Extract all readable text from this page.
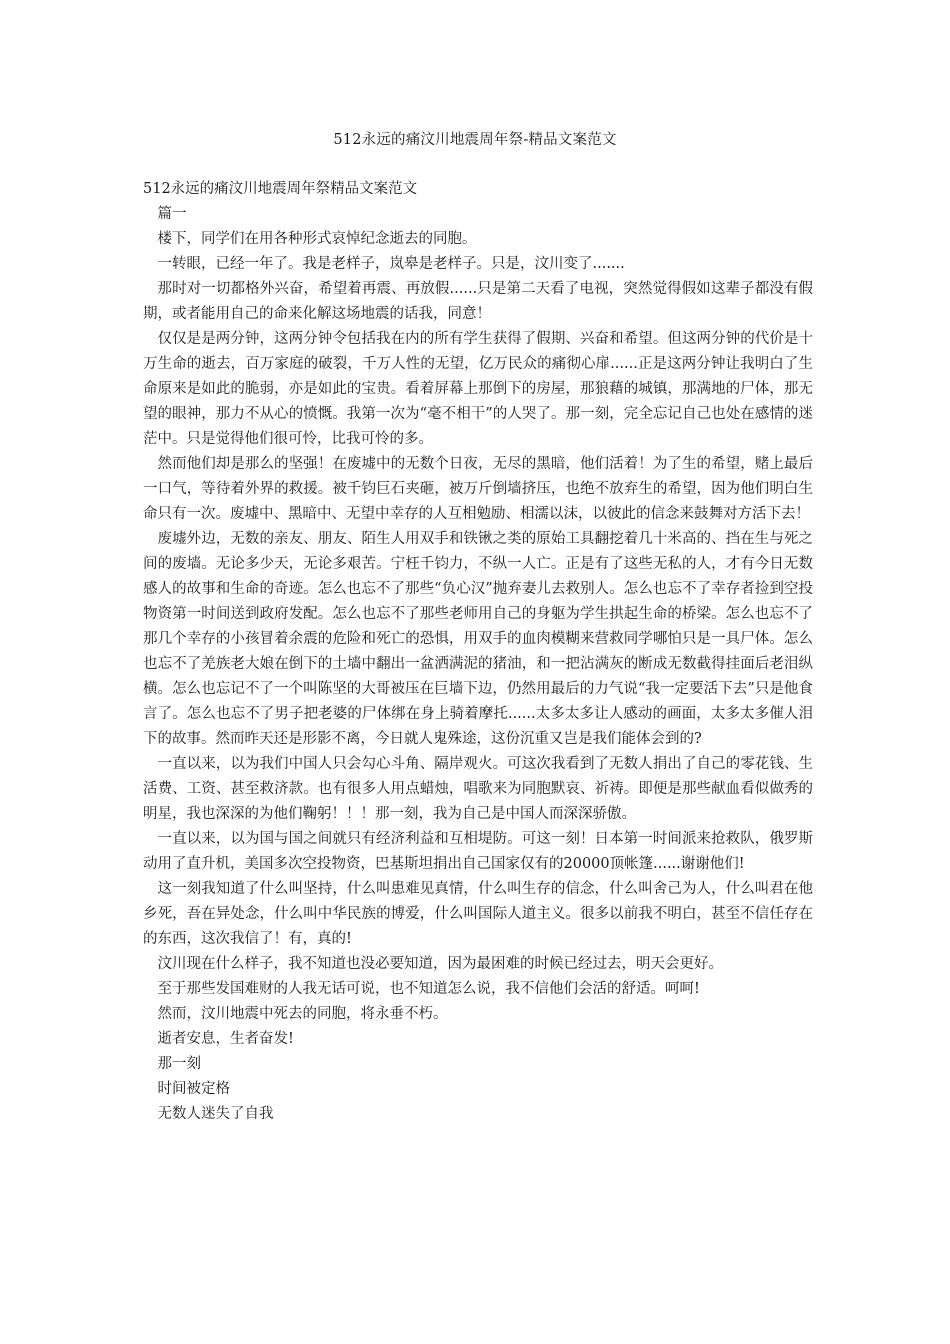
512永远的痛汶川地震周年祭-精品文案范文

512永远的痛汶川地震周年祭精品文案范文

篇一

楼下，同学们在用各种形式哀悼纪念逝去的同胞。

一转眼，已经一年了。我是老样子，岚皋是老样子。只是，汶川变了.......

那时对一切都格外兴奋，希望着再震、再放假......只是第二天看了电视，突然觉得假如这辈子都没有假期，或者能用自己的命来化解这场地震的话我，同意！

仅仅是是两分钟，这两分钟令包括我在内的所有学生获得了假期、兴奋和希望。但这两分钟的代价是十万生命的逝去，百万家庭的破裂，千万人性的无望，亿万民众的痛彻心扉......正是这两分钟让我明白了生命原来是如此的脆弱，亦是如此的宝贵。看着屏幕上那倒下的房屋，那狼藉的城镇，那满地的尸体，那无望的眼神，那力不从心的愤慨。我第一次为“毫不相干”的人哭了。那一刻，完全忘记自己也处在感情的迷茫中。只是觉得他们很可怜，比我可怜的多。

然而他们却是那么的坚强！在废墟中的无数个日夜，无尽的黑暗，他们活着！为了生的希望，赌上最后一口气，等待着外界的救援。被千钧巨石夹砸，被万斤倒墙挤压，也绝不放弃生的希望，因为他们明白生命只有一次。废墟中、黑暗中、无望中幸存的人互相勉励、相濡以沫，以彼此的信念来鼓舞对方活下去！

废墟外边，无数的亲友、朋友、陌生人用双手和铁锹之类的原始工具翻挖着几十米高的、挡在生与死之间的废墙。无论多少天，无论多艰苦。宁枉千钧力，不纵一人亡。正是有了这些无私的人，才有今日无数感人的故事和生命的奇迹。怎么也忘不了那些“负心汉”抛弃妻儿去救别人。怎么也忘不了幸存者捡到空投物资第一时间送到政府发配。怎么也忘不了那些老师用自己的身躯为学生拱起生命的桥梁。怎么也忘不了那几个幸存的小孩冒着余震的危险和死亡的恐惧，用双手的血肉模糊来营救同学哪怕只是一具尸体。怎么也忘不了羌族老大娘在倒下的土墙中翻出一盆洒满泥的猪油，和一把沾满灰的断成无数截得挂面后老泪纵横。怎么也忘记不了一个叫陈坚的大哥被压在巨墙下边，仍然用最后的力气说“我一定要活下去”只是他食言了。怎么也忘不了男子把老婆的尸体绑在身上骑着摩托......太多太多让人感动的画面，太多太多催人泪下的故事。然而昨天还是形影不离，今日就人鬼殊途，这份沉重又岂是我们能体会到的?

一直以来，以为我们中国人只会勾心斗角、隔岸观火。可这次我看到了无数人捐出了自己的零花钱、生活费、工资、甚至救济款。也有很多人用点蜡烛，唱歌来为同胞默哀、祈祷。即便是那些献血看似做秀的明星，我也深深的为他们鞠躬！！！那一刻，我为自己是中国人而深深骄傲。

一直以来，以为国与国之间就只有经济利益和互相堤防。可这一刻！日本第一时间派来抢救队，俄罗斯动用了直升机，美国多次空投物资，巴基斯坦捐出自己国家仅有的20000顶帐篷......谢谢他们!

这一刻我知道了什么叫坚持，什么叫患难见真情，什么叫生存的信念，什么叫舍己为人，什么叫君在他乡死，吾在异处念，什么叫中华民族的博爱，什么叫国际人道主义。很多以前我不明白，甚至不信任存在的东西，这次我信了！有，真的!

汶川现在什么样子，我不知道也没必要知道，因为最困难的时候已经过去，明天会更好。

至于那些发国难财的人我无话可说，也不知道怎么说，我不信他们会活的舒适。呵呵!

然而，汶川地震中死去的同胞，将永垂不朽。

逝者安息，生者奋发!

那一刻

时间被定格

无数人迷失了自我
